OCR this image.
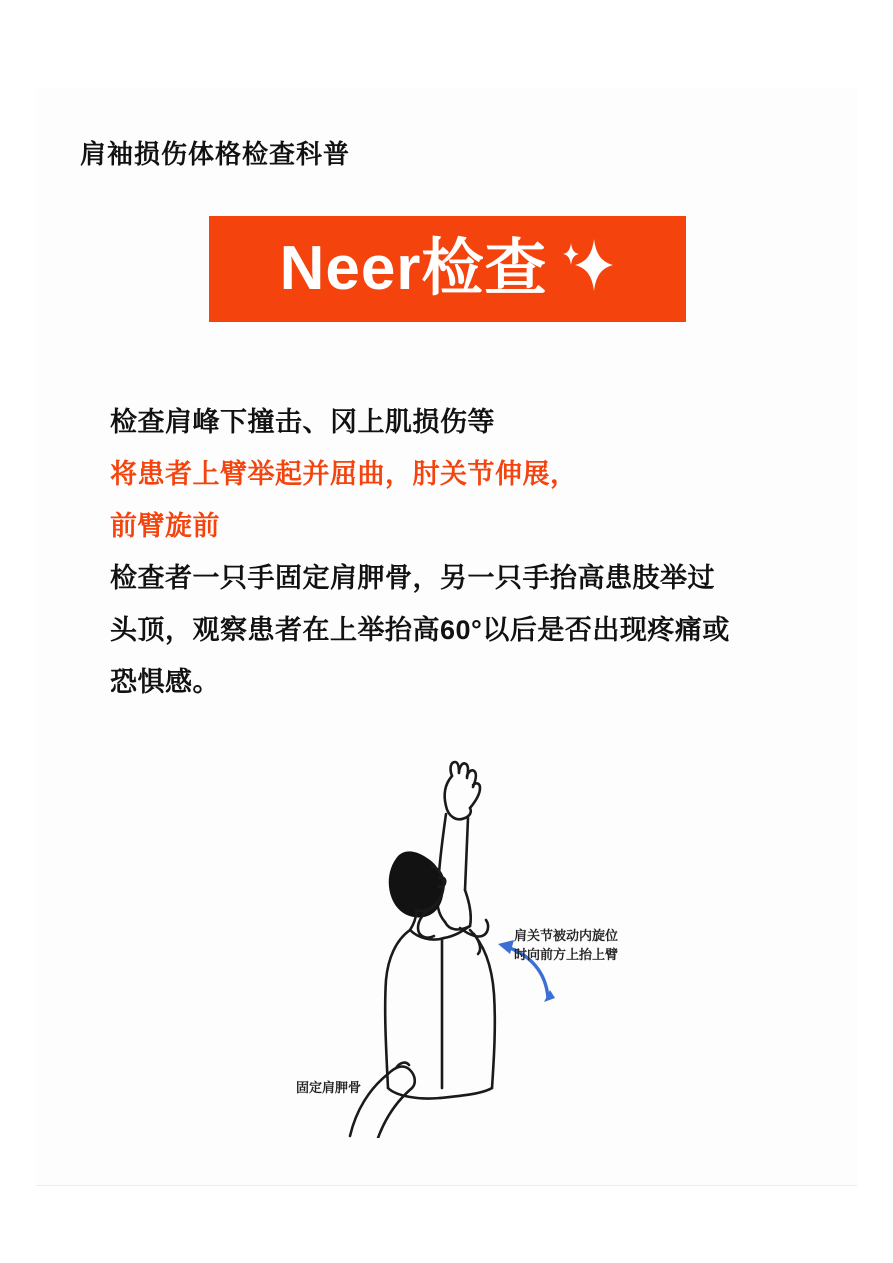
肩袖损伤体格检查科普
Neer检查
检查肩峰下撞击、冈上肌损伤等
将患者上臂举起并屈曲，肘关节伸展，
前臂旋前
检查者一只手固定肩胛骨，另一只手抬高患肢举过头顶，观察患者在上举抬高60°以后是否出现疼痛或恐惧感。
肩关节被动内旋位
时向前方上抬上臂
固定肩胛骨
